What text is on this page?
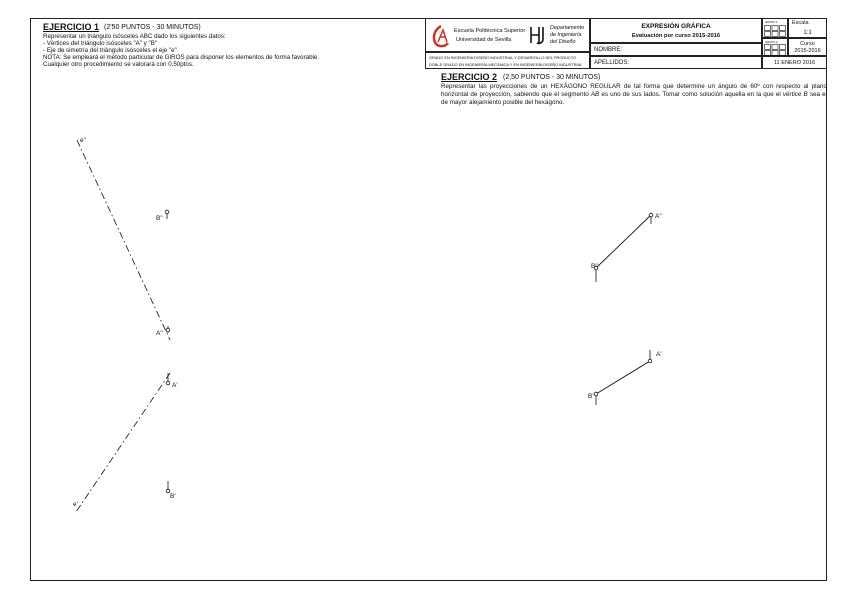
EJERCICIO 1 (2'50 PUNTOS - 30 MINUTOS)
Representar un triángulo isósceles ABC dado los siguientes datos:
- Vértices del triángulo isósceles "A" y "B"
- Eje de simetría del triángulo isósceles el eje "e"
NOTA: Se empleará el método particular de GIROS para disponer los elementos de forma favorable.
Cualquier otro procedimiento se valorará con 0,50ptos.
Escuela Politécnica Superior
Universidad de Sevilla
Departamento
de Ingeniería
del Diseño
GRADO EN INGENIERÍA DISEÑO INDUSTRIAL Y DESARROLLO DEL PRODUCTO
DOBLE GRADO EN INGENIERÍA MECÁNICA Y EN INGENIERÍA DISEÑO INDUSTRIAL
EXPRESIÓN GRÁFICA
Evaluación por curso 2015-2016
NOMBRE:
APELLIDOS:
GRUPO 1
GRUPO 2
Escala
1:1
Curso
2015-2016
11 ENERO 2016
EJERCICIO 2 (2,50 PUNTOS - 30 MINUTOS)
Representar las proyecciones de un HEXÁGONO REGULAR de tal forma que determine un ángulo de 60º con respecto al plano horizontal de proyección, sabiendo que el segmento AB es uno de sus lados. Tomar como solución aquella en la que el vértice B sea el de mayor alejamiento posible del hexágono.
e"
B"
A"
A'
B'
e'
A"
B"
A'
B'
